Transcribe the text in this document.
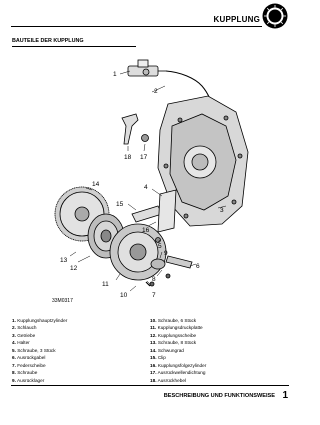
KUPPLUNG
BAUTEILE DER KUPPLUNG
1
2
3
4
5
6
7
8
9
10
11
12
13
14
15
16
17
18

33M0317

1. Kupplungshauptzylinder
2. Schlauch
3. Getriebe
4. Halter
5. Schraube, 3 Stück
6. Ausrückgabel
7. Federscheibe
8. Schraube
9. Ausrücklager
10. Schraube, 6 Stück
11. Kupplungsdruckplatte
12. Kupplungsscheibe
13. Schraube, 8 Stück
14. Schwungrad
15. Clip
16. Kupplungsfolgezylinder
17. Ausrückwellendichtung
18. Ausrückhebel

BESCHREIBUNG UND FUNKTIONSWEISE 1
